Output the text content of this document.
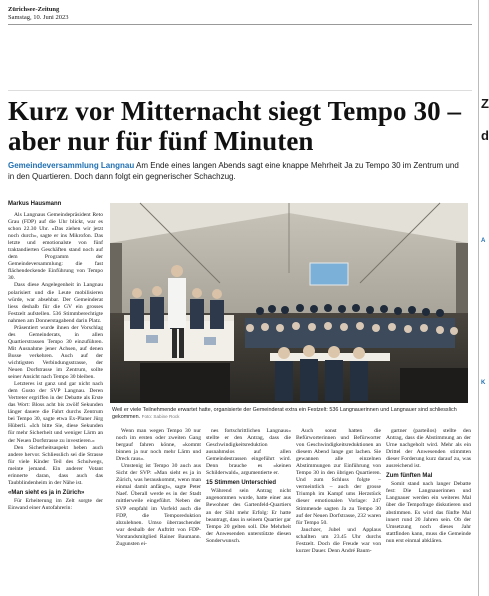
Zürichsee-Zeitung
Samstag, 10. Juni 2023
Kurz vor Mitternacht siegt Tempo 30 –
aber nur für fünf Minuten
Gemeindeversammlung Langnau Am Ende eines langen Abends sagt eine knappe Mehrheit Ja zu Tempo 30 im Zentrum und in den Quartieren. Doch dann folgt ein gegnerischer Schachzug.
Markus Hausmann

Als Langnaus Gemeindepräsident Reto Grau (FDP) auf die Uhr blickt, war es schon 22.30 Uhr. «Das ziehen wir jetzt noch durch», sagte er ins Mikrofon. Das letzte und emotionalste von fünf traktandierten Geschäften stand noch auf dem Programm der Gemeindeversammlung: die fast flächendeckende Einführung von Tempo 30.

Dass diese Angelegenheit in Langnau polarisiert und die Leute mobilisieren würde, war absehbar. Der Gemeinderat liess deshalb für die GV ein grosses Festzelt aufstellen. 536 Stimmberechtigte nahmen am Donnerstagabend darin Platz.

Präsentiert wurde ihnen der Vorschlag des Gemeinderats, in allen Quartierstrassen Tempo 30 einzuführen. Mit Ausnahme jener Achsen, auf denen Busse verkehren. Auch auf der wichtigsten Verbindungsstrasse, der Neuen Dorfstrasse im Zentrum, sollte seiner Ansicht nach Tempo 30 bleiben.

Letzteres ist ganz und gar nicht nach dem Gusto der SVP Langnau. Deren Vertreter ergriffen in der Debatte als Erste das Wort: Bloss acht bis zwölf Sekunden länger dauere die Fahrt durchs Zentrum bei Tempo 30, sagte etwa Ex-Planer Jürg Hüberli. «Ich bitte Sie, diese Sekunden für mehr Sicherheit und weniger Lärm an der Neuen Dorfstrasse zu investieren.»

Den Sicherheitsaspekt heben auch andere hervor. Schliesslich sei die Strasse für viele Kinder Teil des Schulwegs, meinte jemand. Ein anderer Votant erinnerte daran, dass auch das Taubblindenheim in der Nähe ist.

«Man sieht es ja in Zürich»

Für Erheiterung im Zelt sorgte der Einwand einer Autofahrerin:

Weil er viele Teilnehmende erwartet hatte, organisierte der Gemeinderat extra ein Festzelt: 536 Langnauerinnen und Langnauer sind schliesslich gekommen. Foto: Sabine Rock

Wenn man wegen Tempo 30 nur noch im ersten oder zweiten Gang bergauf fahren könne, «kommt binnen ja nur noch mehr Lärm und Dreck raus».

Umstenig ist Tempo 30 auch aus Sicht der SVP: «Man sieht es ja in Zürich, was herauskommt, wenn man einmal damit anfängt», sagte Peter Naef. Überall werde es in der Stadt mittlerweile eingeführt. Neben der SVP empfahl im Vorfeld auch die FDP, die Temporeduktion abzulehnen. Umso überraschender war deshalb der Auftritt von FDP-Vorstandsmitglied Rainer Baumann. Zugunsten ei-

nes fortschrittlichen Langnaus» stellte er den Antrag, dass die Geschwindigkeitsreduktion ausnahmslos auf allen Gemeindestrassen eingeführt wird. Denn brauche es «keinen Schilderwald», argumentierte er.

15 Stimmen Unterschied

Während sein Antrag nicht angenommen wurde, hatte einer aus Bewohner des Gartenfeld-Quartiers an der Sihl mehr Erfolg: Er hatte beantragt, dass in seinem Quartier gar Tempo 20 gelten soll. Die Mehrheit der Anwesenden unterstützte diesen Sonderwunsch.

Auch sonst hatten die Befürworterinnen und Befürworter von Geschwindigkeitsreduktionen an diesem Abend lange gut lachen. Sie gewannen alle einzelnen Abstimmungen zur Einführung von Tempo 30 in den übrigen Quartieren. Und zum Schluss folgte – vermeintlich – auch der grosse Triumph im Kampf ums Herzstück dieser emotionalen Vorlage: 247 Stimmende sagten Ja zu Tempo 30 auf der Neuen Dorfstrasse, 232 waren für Tempo 50.

Jauchzer, Jubel und Applaus schallten um 23.45 Uhr durchs Festzelt. Doch die Freude war von kurzer Dauer. Denn André Baum-

gartner (parteilos) stellte den Antrag, dass die Abstimmung an der Urne nachgeholt wird. Mehr als ein Drittel der Anwesenden stimmten dieser Forderung kurz darauf zu, was ausreichend ist.

Zum fünften Mal

Somit stand nach langer Debatte fest: Die Langnauerinnen und Langnauer werden ein weiteres Mal über die Tempofrage diskutieren und abstimmen. Es wird das fünfte Mal innert rund 20 Jahren sein. Ob der Umsetzung noch dieses Jahr stattfinden kann, muss die Gemeinde nun erst einmal abklären.

Z
d
A
K
